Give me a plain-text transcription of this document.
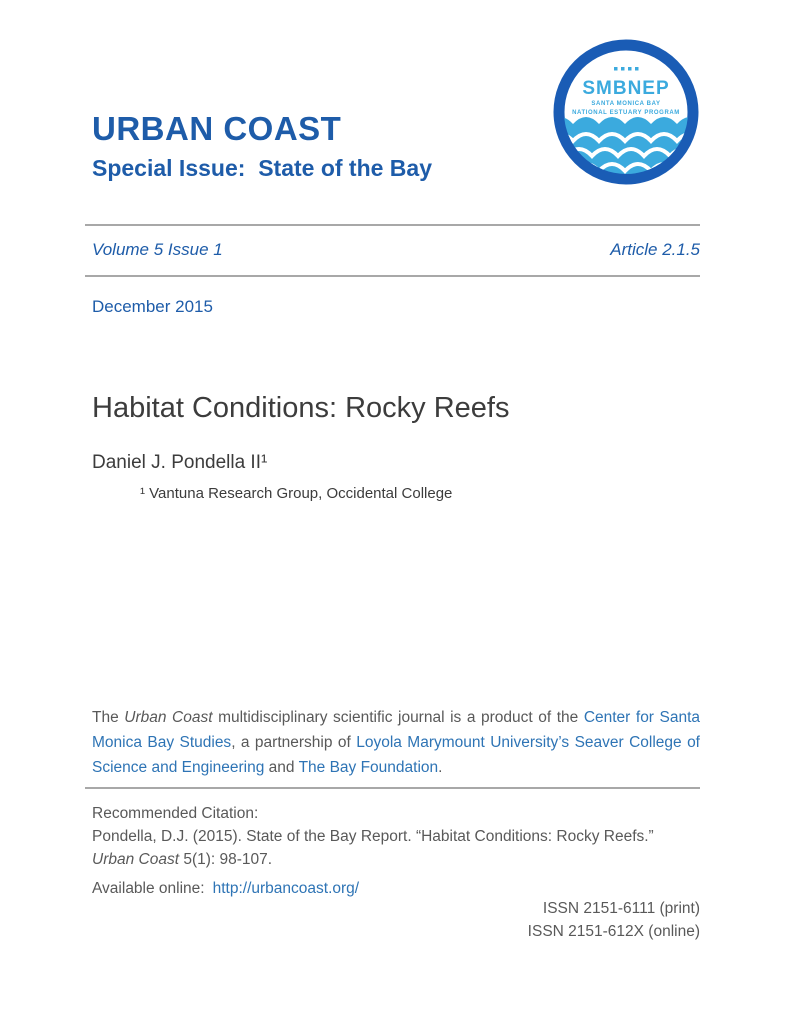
URBAN COAST
Special Issue:  State of the Bay
SMBNEP
SANTA MONICA BAY
NATIONAL ESTUARY PROGRAM
Volume 5 Issue 1	Article 2.1.5
December 2015
Habitat Conditions: Rocky Reefs
Daniel J. Pondella II¹
¹ Vantuna Research Group, Occidental College

The Urban Coast multidisciplinary scientific journal is a product of the Center for Santa Monica Bay Studies, a partnership of Loyola Marymount University’s Seaver College of Science and Engineering and The Bay Foundation.

Recommended Citation:
Pondella, D.J. (2015). State of the Bay Report. “Habitat Conditions: Rocky Reefs.” Urban Coast 5(1): 98-107.
Available online: http://urbancoast.org/
ISSN 2151-6111 (print)
ISSN 2151-612X (online)
